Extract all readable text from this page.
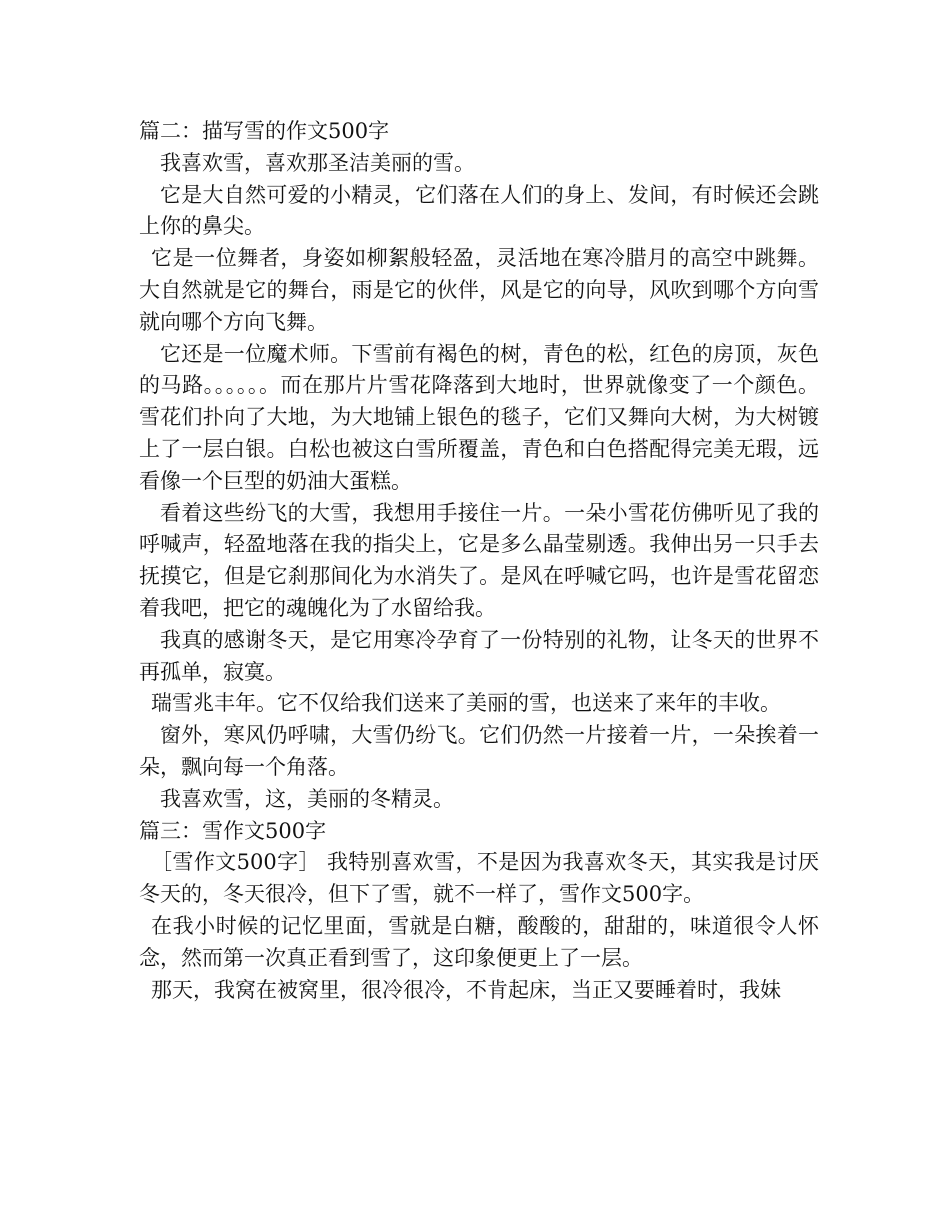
篇二：描写雪的作文500字

我喜欢雪，喜欢那圣洁美丽的雪。

它是大自然可爱的小精灵，它们落在人们的身上、发间，有时候还会跳上你的鼻尖。

它是一位舞者，身姿如柳絮般轻盈，灵活地在寒冷腊月的高空中跳舞。大自然就是它的舞台，雨是它的伙伴，风是它的向导，风吹到哪个方向雪就向哪个方向飞舞。

它还是一位魔术师。下雪前有褐色的树，青色的松，红色的房顶，灰色的马路。。。。。。而在那片片雪花降落到大地时，世界就像变了一个颜色。雪花们扑向了大地，为大地铺上银色的毯子，它们又舞向大树，为大树镀上了一层白银。白松也被这白雪所覆盖，青色和白色搭配得完美无瑕，远看像一个巨型的奶油大蛋糕。

看着这些纷飞的大雪，我想用手接住一片。一朵小雪花仿佛听见了我的呼喊声，轻盈地落在我的指尖上，它是多么晶莹剔透。我伸出另一只手去抚摸它，但是它刹那间化为水消失了。是风在呼喊它吗，也许是雪花留恋着我吧，把它的魂魄化为了水留给我。

我真的感谢冬天，是它用寒冷孕育了一份特别的礼物，让冬天的世界不再孤单，寂寞。

瑞雪兆丰年。它不仅给我们送来了美丽的雪，也送来了来年的丰收。

窗外，寒风仍呼啸，大雪仍纷飞。它们仍然一片接着一片，一朵挨着一朵，飘向每一个角落。

我喜欢雪，这，美丽的冬精灵。

篇三：雪作文500字

［雪作文500字］ 我特别喜欢雪，不是因为我喜欢冬天，其实我是讨厌冬天的，冬天很冷，但下了雪，就不一样了，雪作文500字。

在我小时候的记忆里面，雪就是白糖，酸酸的，甜甜的，味道很令人怀念，然而第一次真正看到雪了，这印象便更上了一层。

那天，我窝在被窝里，很冷很冷，不肯起床，当正又要睡着时，我妹
